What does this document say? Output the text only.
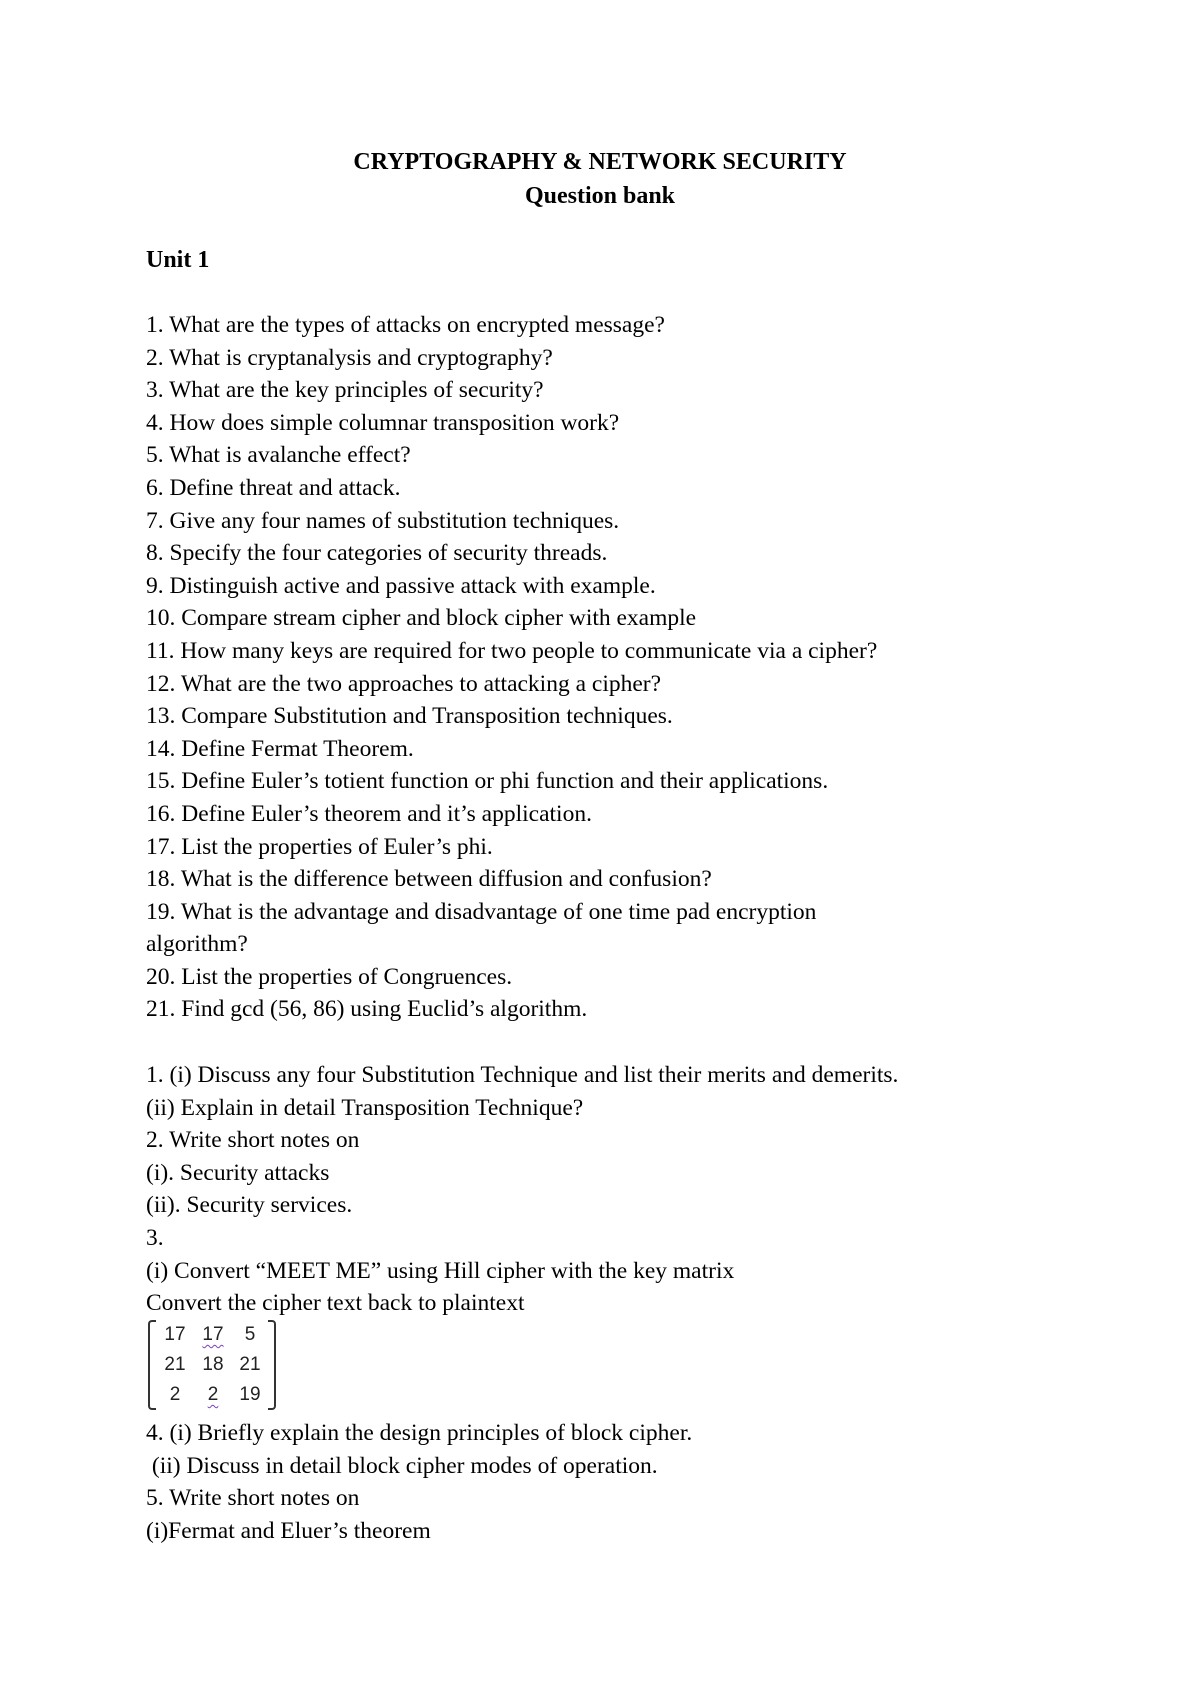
CRYPTOGRAPHY & NETWORK SECURITY
Question bank
Unit 1
1. What are the types of attacks on encrypted message?
2. What is cryptanalysis and cryptography?
3. What are the key principles of security?
4. How does simple columnar transposition work?
5. What is avalanche effect?
6. Define threat and attack.
7. Give any four names of substitution techniques.
8. Specify the four categories of security threads.
9. Distinguish active and passive attack with example.
10. Compare stream cipher and block cipher with example
11. How many keys are required for two people to communicate via a cipher?
12. What are the two approaches to attacking a cipher?
13. Compare Substitution and Transposition techniques.
14. Define Fermat Theorem.
15. Define Euler’s totient function or phi function and their applications.
16. Define Euler’s theorem and it’s application.
17. List the properties of Euler’s phi.
18. What is the difference between diffusion and confusion?
19. What is the advantage and disadvantage of one time pad encryption
algorithm?
20. List the properties of Congruences.
21. Find gcd (56, 86) using Euclid’s algorithm.
1. (i) Discuss any four Substitution Technique and list their merits and demerits.
(ii) Explain in detail Transposition Technique?
2. Write short notes on
(i). Security attacks
(ii). Security services.
3.
(i) Convert “MEET ME” using Hill cipher with the key matrix
Convert the cipher text back to plaintext
17 17	5
21 18 21
2	2	19
4. (i) Briefly explain the design principles of block cipher.
(ii) Discuss in detail block cipher modes of operation.
5. Write short notes on
(i)Fermat and Eluer’s theorem
